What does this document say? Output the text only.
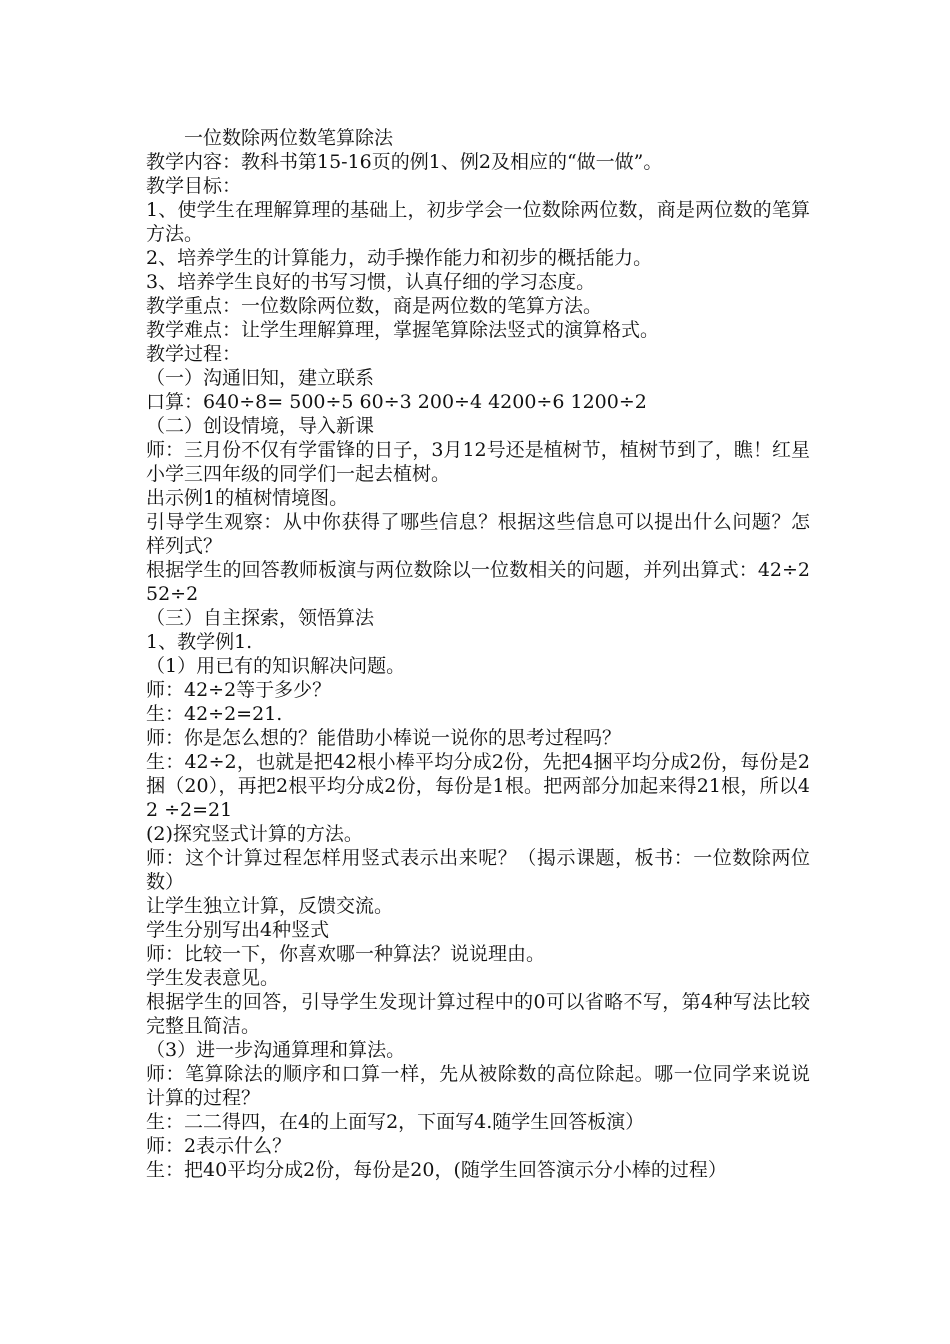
一位数除两位数笔算除法

教学内容：教科书第15-16页的例1、例2及相应的“做一做”。

教学目标：

1、使学生在理解算理的基础上，初步学会一位数除两位数，商是两位数的笔算方法。

2、培养学生的计算能力，动手操作能力和初步的概括能力。

3、培养学生良好的书写习惯，认真仔细的学习态度。

教学重点：一位数除两位数，商是两位数的笔算方法。

教学难点：让学生理解算理，掌握笔算除法竖式的演算格式。

教学过程：

（一）沟通旧知，建立联系

口算：640÷8= 500÷5 60÷3 200÷4 4200÷6 1200÷2

（二）创设情境，导入新课

师：三月份不仅有学雷锋的日子，3月12号还是植树节，植树节到了，瞧！红星小学三四年级的同学们一起去植树。

出示例1的植树情境图。

引导学生观察：从中你获得了哪些信息？根据这些信息可以提出什么问题？怎样列式？

根据学生的回答教师板演与两位数除以一位数相关的问题，并列出算式：42÷2 52÷2

（三）自主探索，领悟算法

1、教学例1.

（1）用已有的知识解决问题。

师：42÷2等于多少？

生：42÷2=21.

师：你是怎么想的？能借助小棒说一说你的思考过程吗？

生：42÷2，也就是把42根小棒平均分成2份，先把4捆平均分成2份，每份是2捆（20），再把2根平均分成2份，每份是1根。把两部分加起来得21根，所以42 ÷2=21

(2)探究竖式计算的方法。

师：这个计算过程怎样用竖式表示出来呢？（揭示课题，板书：一位数除两位数）

让学生独立计算，反馈交流。

学生分别写出4种竖式

师：比较一下，你喜欢哪一种算法？说说理由。

学生发表意见。

根据学生的回答，引导学生发现计算过程中的0可以省略不写，第4种写法比较完整且简洁。

（3）进一步沟通算理和算法。

师：笔算除法的顺序和口算一样，先从被除数的高位除起。哪一位同学来说说计算的过程？

生：二二得四，在4的上面写2，下面写4.随学生回答板演）

师：2表示什么？

生：把40平均分成2份，每份是20，(随学生回答演示分小棒的过程）
